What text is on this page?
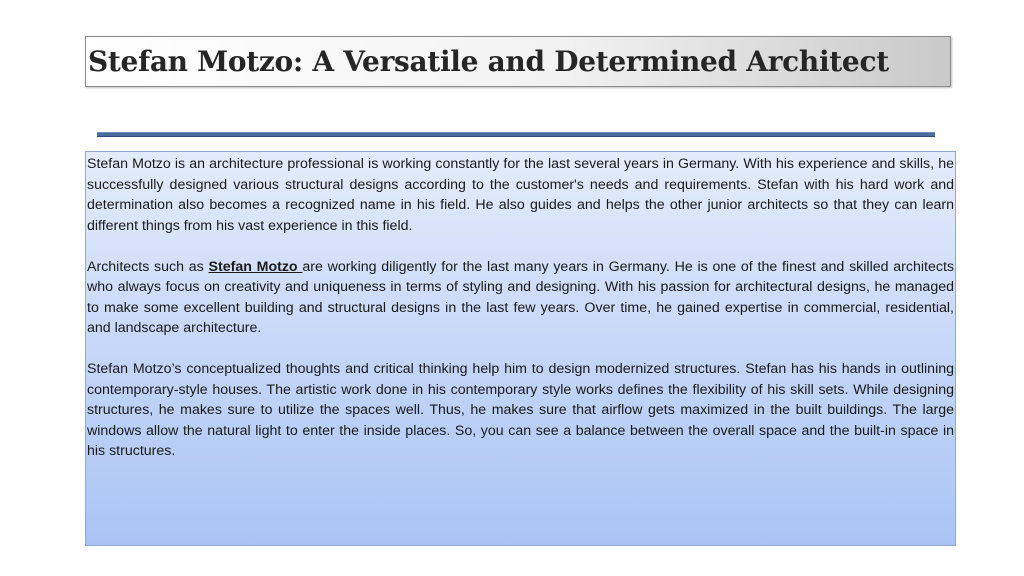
Stefan Motzo: A Versatile and Determined Architect

Stefan Motzo is an architecture professional is working constantly for the last several years in Germany. With his experience and skills, he successfully designed various structural designs according to the customer's needs and requirements. Stefan with his hard work and determination also becomes a recognized name in his field. He also guides and helps the other junior architects so that they can learn different things from his vast experience in this field.

Architects such as Stefan Motzo are working diligently for the last many years in Germany. He is one of the finest and skilled architects who always focus on creativity and uniqueness in terms of styling and designing. With his passion for architectural designs, he managed to make some excellent building and structural designs in the last few years. Over time, he gained expertise in commercial, residential, and landscape architecture.

Stefan Motzo’s conceptualized thoughts and critical thinking help him to design modernized structures. Stefan has his hands in outlining contemporary-style houses. The artistic work done in his contemporary style works defines the flexibility of his skill sets. While designing structures, he makes sure to utilize the spaces well. Thus, he makes sure that airflow gets maximized in the built buildings. The large windows allow the natural light to enter the inside places. So, you can see a balance between the overall space and the built-in space in his structures.
